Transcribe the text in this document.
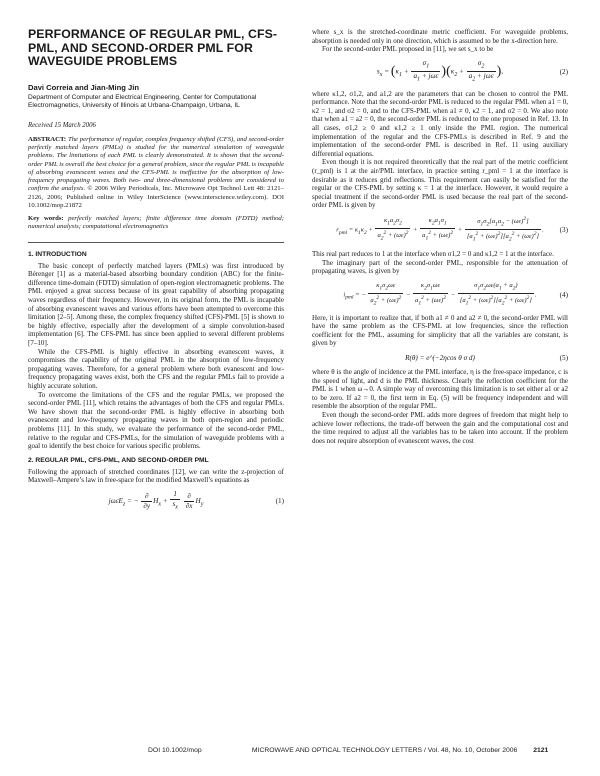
PERFORMANCE OF REGULAR PML, CFS-PML, AND SECOND-ORDER PML FOR WAVEGUIDE PROBLEMS
Davi Correia and Jian-Ming Jin
Department of Computer and Electrical Engineering, Center for Computational Electromagnetics, University of Illinois at Urbana-Champaign, Urbana, IL
Received 15 March 2006
ABSTRACT: The performance of regular, complex frequency shifted (CFS), and second-order perfectly matched layers (PMLs) is studied for the numerical simulation of waveguide problems. The limitations of each PML is clearly demonstrated. It is shown that the second-order PML is overall the best choice for a general problem, since the regular PML is incapable of absorbing evanescent waves and the CFS-PML is ineffective for the absorption of low-frequency propagating waves. Both two- and three-dimensional problems are considered to confirm the analysis. © 2006 Wiley Periodicals, Inc. Microwave Opt Technol Lett 48: 2121–2126, 2006; Published online in Wiley InterScience (www.interscience.wiley.com). DOI 10.1002/mop.21872
Key words: perfectly matched layers; finite difference time domain (FDTD) method; numerical analysis; computational electromagnetics
1. INTRODUCTION

The basic concept of perfectly matched layers (PMLs) was first introduced by Bérenger [1] as a material-based absorbing boundary condition (ABC) for the finite-difference time-domain (FDTD) simulation of open-region electromagnetic problems. The PML enjoyed a great success because of its great capability of absorbing propagating waves regardless of their frequency. However, in its original form, the PML is incapable of absorbing evanescent waves and various efforts have been attempted to overcome this limitation [2–5]. Among these, the complex frequency shifted (CFS)-PML [5] is shown to be highly effective, especially after the development of a simple convolution-based implementation [6]. The CFS-PML has since been applied to several different problems [7–10].

While the CFS-PML is highly effective in absorbing evanescent waves, it compromises the capability of the original PML in the absorption of low-frequency propagating waves. Therefore, for a general problem where both evanescent and low-frequency propagating waves exist, both the CFS and the regular PMLs fail to provide a highly accurate solution.

To overcome the limitations of the CFS and the regular PMLs, we proposed the second-order PML [11], which retains the advantages of both the CFS and regular PMLs. We have shown that the second-order PML is highly effective in absorbing both evanescent and low-frequency propagating waves in both open-region and periodic problems [11]. In this study, we evaluate the performance of the second-order PML, relative to the regular and CFS-PMLs, for the simulation of waveguide problems with a goal to identify the best choice for various specific problems.

2. REGULAR PML, CFS-PML, AND SECOND-ORDER PML

Following the approach of stretched coordinates [12], we can write the z-projection of Maxwell–Ampere’s law in free-space for the modified Maxwell’s equations as

jωεE$_z$ = − $\frac{\partial}{\partial y} H_x + \frac{1}{s_x}$
$\frac{\partial}{\partial x} H_y$	(1)

where s_x is the stretched-coordinate metric coefficient. For waveguide problems, absorption is needed only in one direction, which is assumed to be the x-direction here.

For the second-order PML proposed in [11], we set s_x to be

$s_x = (\kappa_1 + \frac{\sigma_1}{a_1 + j\omega\varepsilon} )(\kappa_2 + \frac{\sigma_2}{a_2 + j\omega\varepsilon}$ ),	(2)

where κ1,2, σ1,2, and a1,2 are the parameters that can be chosen to control the PML performance. Note that the second-order PML is reduced to the regular PML when a1 = 0, κ2 = 1, and σ2 = 0, and to the CFS-PML when a1 ≠ 0, κ2 = 1, and σ2 = 0. We also note that when a1 = a2 = 0, the second-order PML is reduced to the one proposed in Ref. 13. In all cases, σ1,2 ≥ 0 and κ1,2 ≥ 1 only inside the PML region. The numerical implementation of the regular and the CFS-PMLs is described in Ref. 9 and the implementation of the second-order PML is described in Ref. 11 using auxiliary differential equations.

Even though it is not required theoretically that the real part of the metric coefficient (r_pml) is 1 at the air/PML interface, in practice setting r_pml = 1 at the interface is desirable as it reduces grid reflections. This requirement can easily be satisfied for the regular or the CFS-PML by setting κ = 1 at the interface. However, it would require a special treatment if the second-order PML is used because the real part of the second-order PML is given by

$r_{pml} = \kappa_1\kappa_2 + \frac{\kappa_1a_2\sigma_2}{a_2^2 + (\omega\varepsilon)^2} + \frac{\kappa_2a_1\sigma_1}{a_1^2 + (\omega\varepsilon)^2} + \frac{\sigma_1\sigma_2[a_1a_2 - (\omega\varepsilon)^2]}{[a_1^2 + (\omega\varepsilon)^2][a_2^2 + (\omega\varepsilon)^2]}$ .	(3)

This real part reduces to 1 at the interface when σ1,2 = 0 and κ1,2 = 1 at the interface.

The imaginary part of the second-order PML, responsible for the attenuation of propagating waves, is given by

$i_{pml}$ = − $\frac{\kappa_1\sigma_2\omega\varepsilon}{a_2^2 + (\omega\varepsilon)^2} - \frac{\kappa_2\sigma_1\omega\varepsilon}{a_1^2 + (\omega\varepsilon)^2} - \frac{\sigma_1\sigma_2\omega\varepsilon(a_1 + a_2)}{[a_1^2 + (\omega\varepsilon)^2][a_2^2 + (\omega\varepsilon)^2]}$ .	(4)

Here, it is important to realize that, if both a1 ≠ 0 and a2 ≠ 0, the second-order PML will have the same problem as the CFS-PML at low frequencies, since the reflection coefficient for the PML, assuming for simplicity that all the variables are constant, is given by

R(θ) = e^(−2ηcos θ σ d)	(5)

where θ is the angle of incidence at the PML interface, η is the free-space impedance, c is the speed of light, and d is the PML thickness. Clearly the reflection coefficient for the PML is 1 when ω→0. A simple way of overcoming this limitation is to set either a1 or a2 to be zero. If a2 = 0, the first term in Eq. (5) will be frequency independent and will resemble the absorption of the regular PML.

Even though the second-order PML adds more degrees of freedom that might help to achieve lower reflections, the trade-off between the gain and the computational cost and the time required to adjust all the variables has to be taken into account. If the problem does not require absorption of evanescent waves, the cost

DOI 10.1002/mop	MICROWAVE AND OPTICAL TECHNOLOGY LETTERS / Vol. 48, No. 10, October 2006 2121
